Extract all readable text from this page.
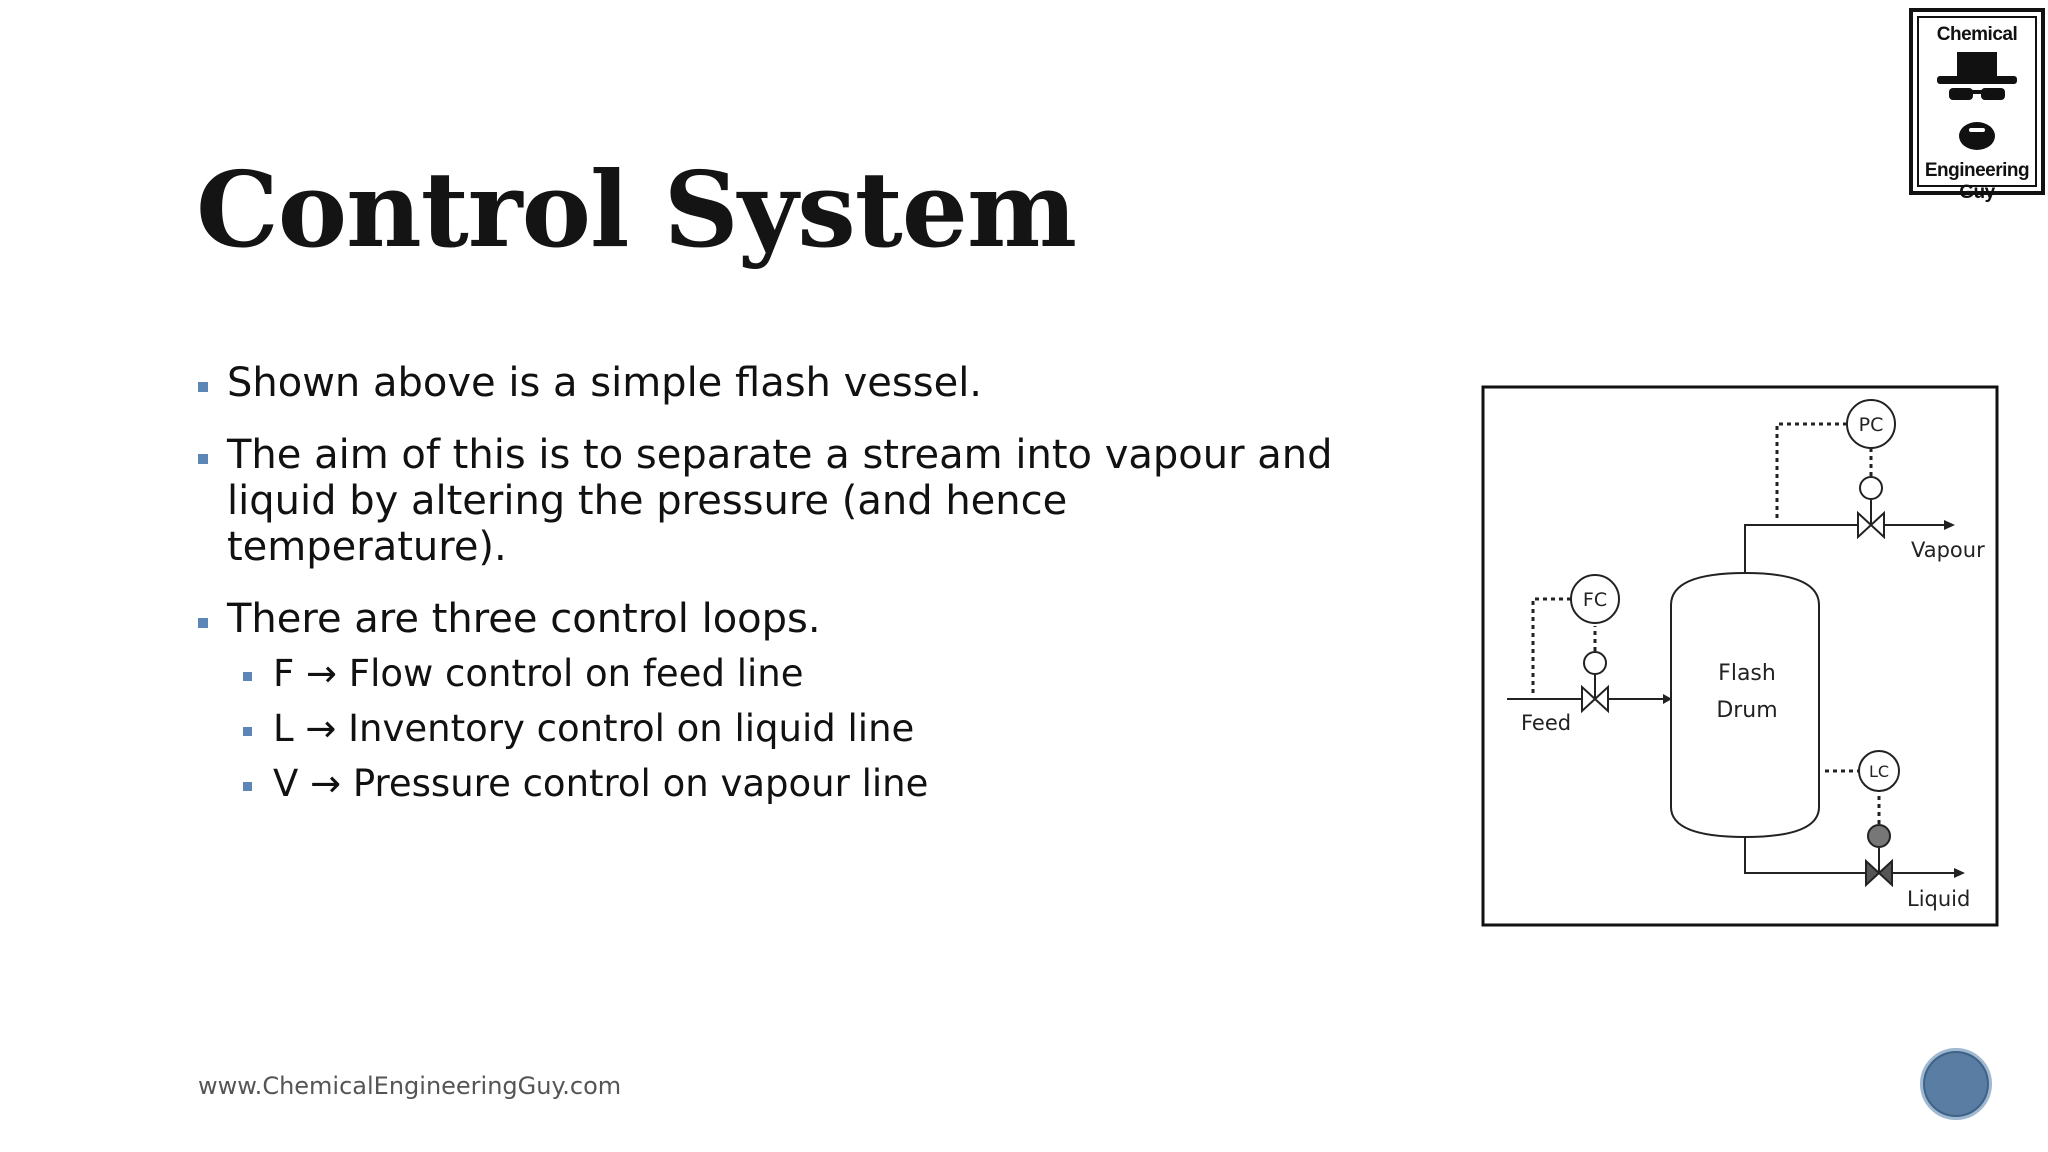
Chemical
Engineering Guy
Control System
Shown above is a simple flash vessel.
The aim of this is to separate a stream into vapour and liquid by altering the pressure (and hence temperature).
There are three control loops.
F → Flow control on feed line
L → Inventory control on liquid line
V → Pressure control on vapour line
Flash
Drum
FC
Feed
PC
Vapour
LC
Liquid
www.ChemicalEngineeringGuy.com
